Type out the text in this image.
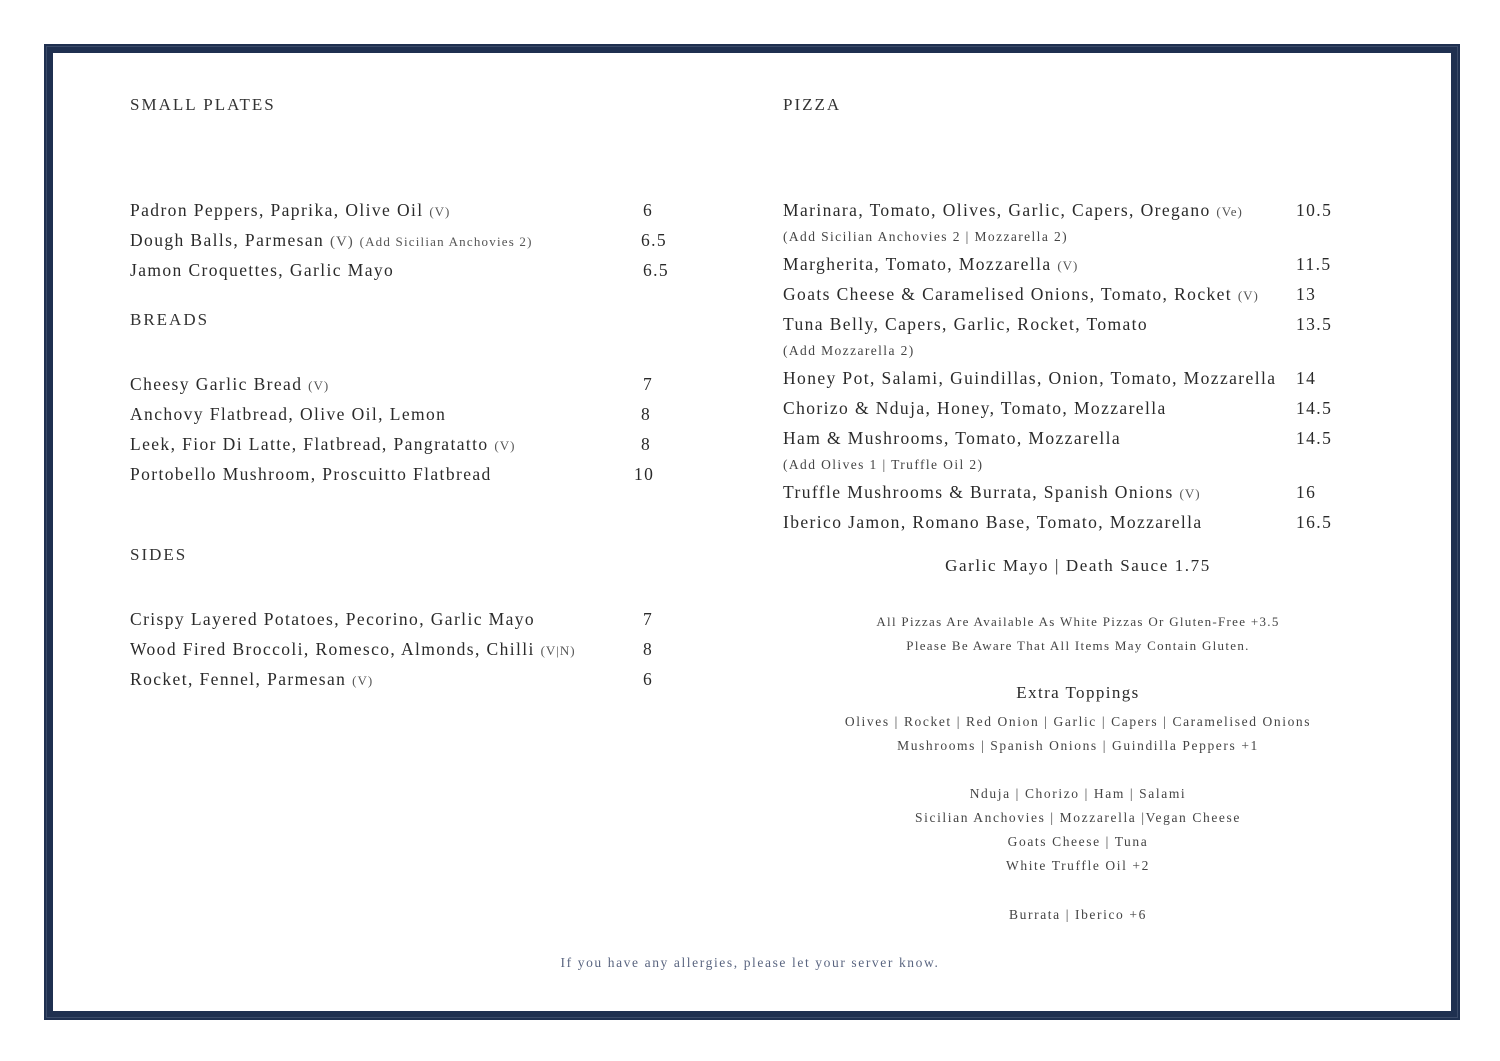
SMALL PLATES
Padron Peppers, Paprika, Olive Oil (V)	6
Dough Balls, Parmesan (V) (Add Sicilian Anchovies 2)	6.5
Jamon Croquettes, Garlic Mayo	6.5
BREADS
Cheesy Garlic Bread (V)	7
Anchovy Flatbread, Olive Oil, Lemon	8
Leek, Fior Di Latte, Flatbread, Pangratatto (V)	8
Portobello Mushroom, Proscuitto Flatbread	10
SIDES
Crispy Layered Potatoes, Pecorino, Garlic Mayo	7
Wood Fired Broccoli, Romesco, Almonds, Chilli (V|N)	8
Rocket, Fennel, Parmesan (V)	6
PIZZA
Marinara, Tomato, Olives, Garlic, Capers, Oregano (Ve)	10.5
(Add Sicilian Anchovies 2 | Mozzarella 2)
Margherita, Tomato, Mozzarella (V)	11.5
Goats Cheese & Caramelised Onions, Tomato, Rocket (V) 13
Tuna Belly, Capers, Garlic, Rocket, Tomato	13.5
(Add Mozzarella 2)
Honey Pot, Salami, Guindillas, Onion, Tomato, Mozzarella 14
Chorizo & Nduja, Honey, Tomato, Mozzarella	14.5
Ham & Mushrooms, Tomato, Mozzarella	14.5
(Add Olives 1 | Truffle Oil 2)
Truffle Mushrooms & Burrata, Spanish Onions (V)	16
Iberico Jamon, Romano Base, Tomato, Mozzarella	16.5
Garlic Mayo | Death Sauce 1.75
All Pizzas Are Available As White Pizzas Or Gluten-Free +3.5
Please Be Aware That All Items May Contain Gluten.
Extra Toppings
Olives | Rocket | Red Onion | Garlic | Capers | Caramelised Onions
Mushrooms | Spanish Onions | Guindilla Peppers +1
Nduja | Chorizo | Ham | Salami
Sicilian Anchovies | Mozzarella |Vegan Cheese
Goats Cheese | Tuna
White Truffle Oil +2
Burrata | Iberico +6
If you have any allergies, please let your server know.
